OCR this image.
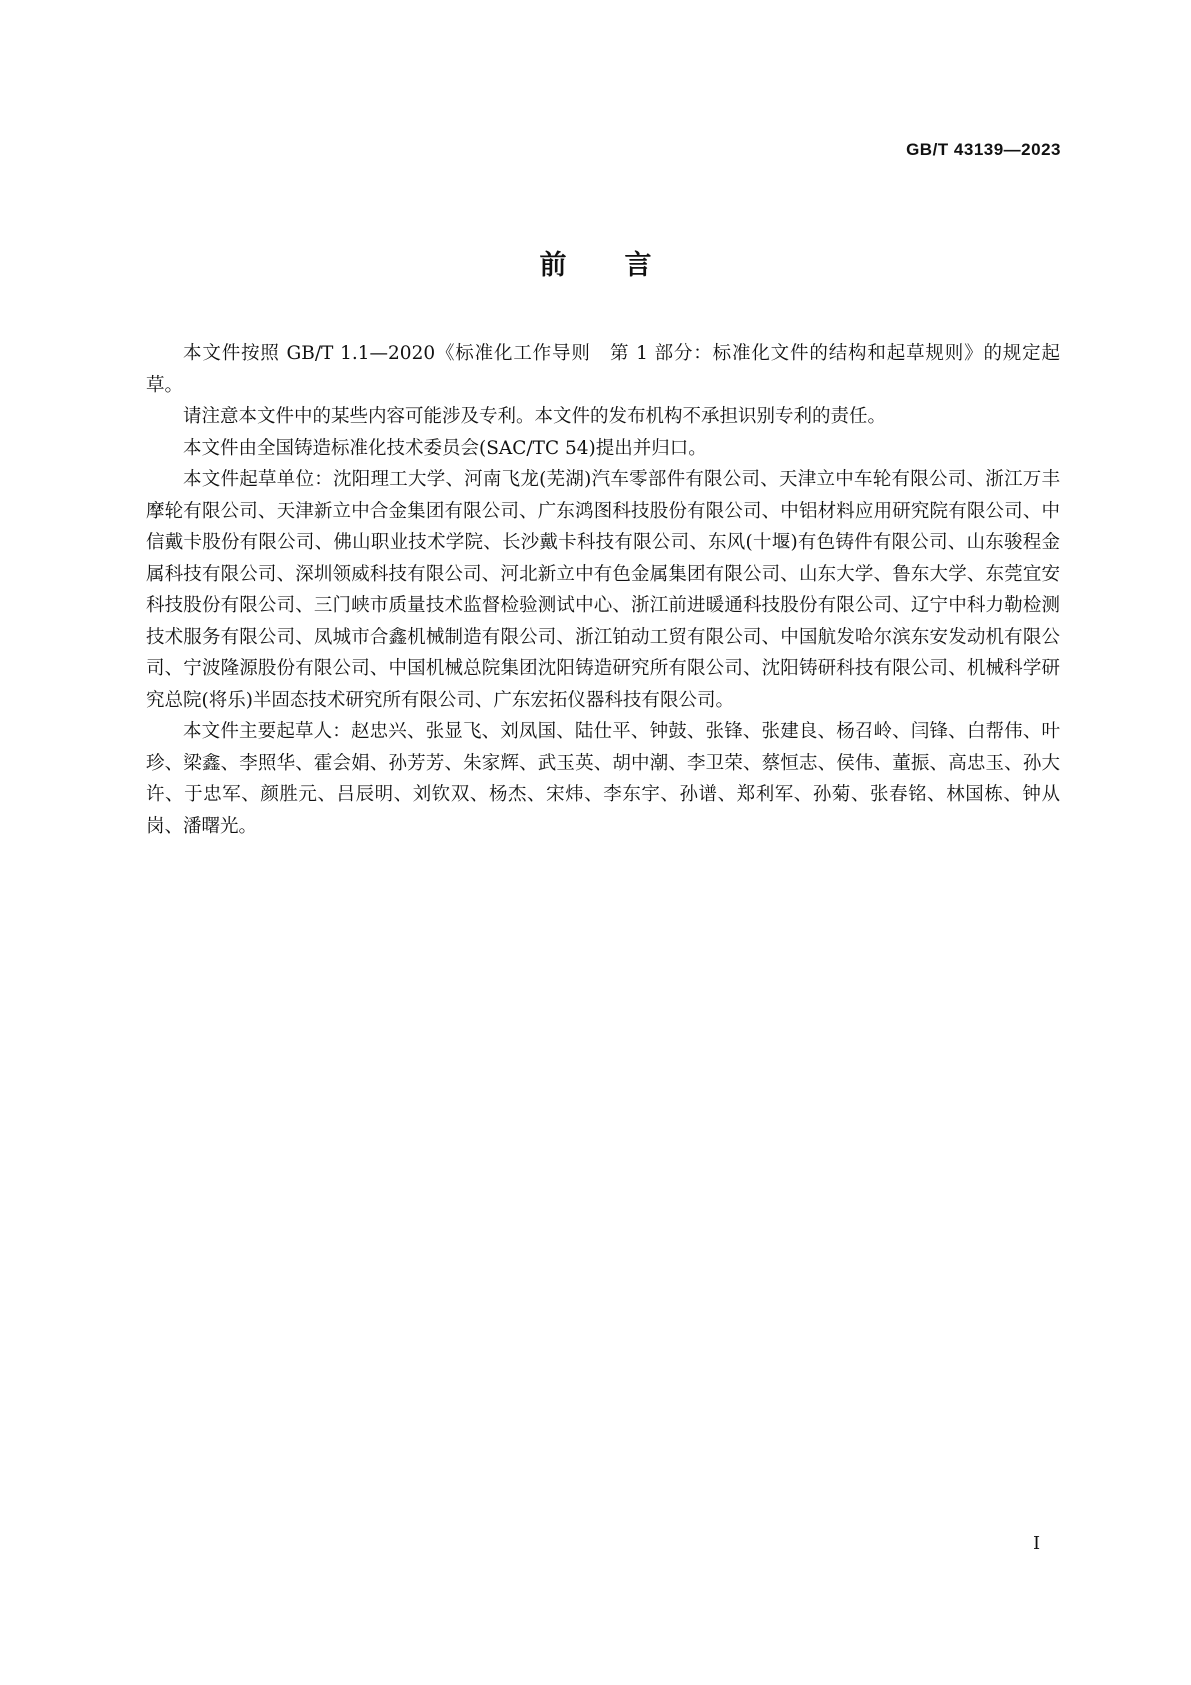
GB/T 43139—2023
前言

本文件按照 GB/T 1.1—2020《标准化工作导则　第 1 部分：标准化文件的结构和起草规则》的规定起草。

请注意本文件中的某些内容可能涉及专利。本文件的发布机构不承担识别专利的责任。

本文件由全国铸造标准化技术委员会(SAC/TC 54)提出并归口。

本文件起草单位：沈阳理工大学、河南飞龙(芜湖)汽车零部件有限公司、天津立中车轮有限公司、浙江万丰摩轮有限公司、天津新立中合金集团有限公司、广东鸿图科技股份有限公司、中铝材料应用研究院有限公司、中信戴卡股份有限公司、佛山职业技术学院、长沙戴卡科技有限公司、东风(十堰)有色铸件有限公司、山东骏程金属科技有限公司、深圳领威科技有限公司、河北新立中有色金属集团有限公司、山东大学、鲁东大学、东莞宜安科技股份有限公司、三门峡市质量技术监督检验测试中心、浙江前进暖通科技股份有限公司、辽宁中科力勒检测技术服务有限公司、凤城市合鑫机械制造有限公司、浙江铂动工贸有限公司、中国航发哈尔滨东安发动机有限公司、宁波隆源股份有限公司、中国机械总院集团沈阳铸造研究所有限公司、沈阳铸研科技有限公司、机械科学研究总院(将乐)半固态技术研究所有限公司、广东宏拓仪器科技有限公司。

本文件主要起草人：赵忠兴、张显飞、刘凤国、陆仕平、钟鼓、张锋、张建良、杨召岭、闫锋、白帮伟、叶珍、梁鑫、李照华、霍会娟、孙芳芳、朱家辉、武玉英、胡中潮、李卫荣、蔡恒志、侯伟、董振、高忠玉、孙大许、于忠军、颜胜元、吕辰明、刘钦双、杨杰、宋炜、李东宇、孙谱、郑利军、孙菊、张春铭、林国栋、钟从岗、潘曙光。

I
